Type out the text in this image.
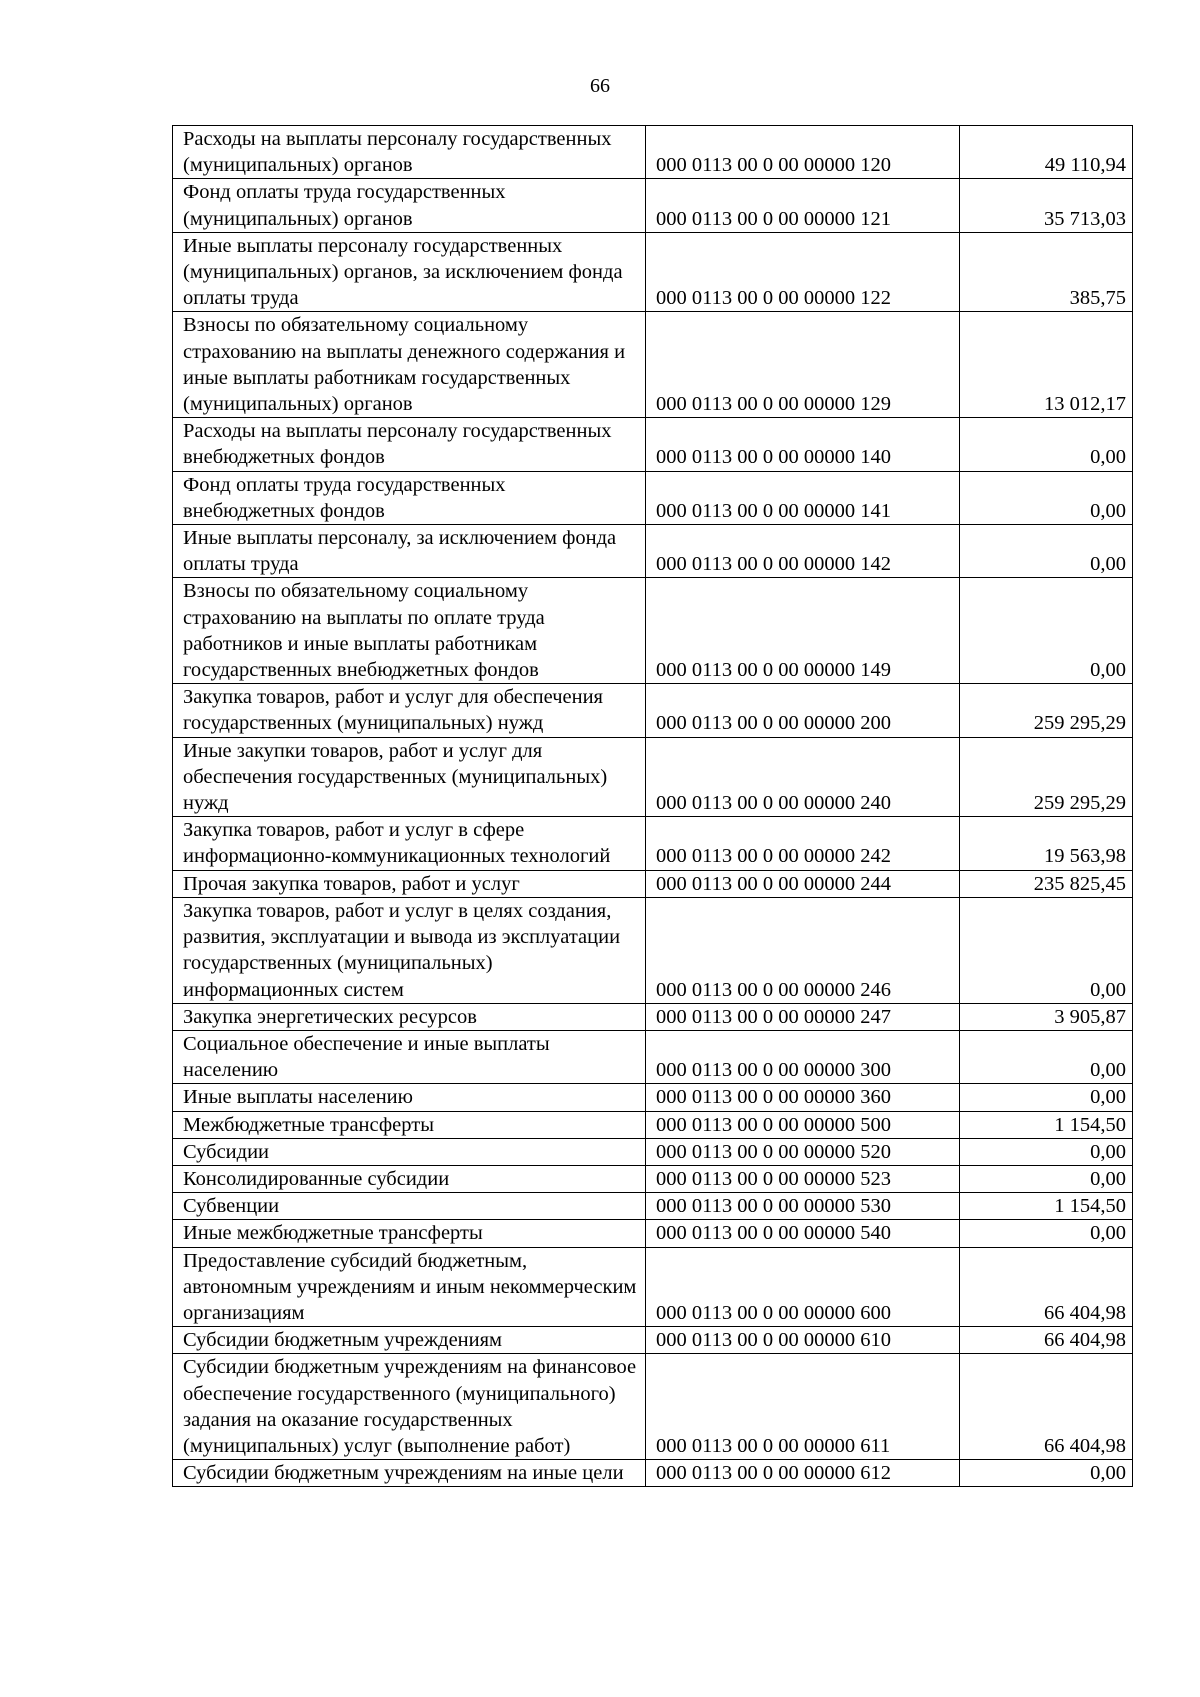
66
Расходы на выплаты персоналу государственных (муниципальных) органов	000 0113 00 0 00 00000 120	49 110,94
Фонд оплаты труда государственных (муниципальных) органов	000 0113 00 0 00 00000 121	35 713,03
Иные выплаты персоналу государственных (муниципальных) органов, за исключением фонда оплаты труда	000 0113 00 0 00 00000 122	385,75
Взносы по обязательному социальному страхованию на выплаты денежного содержания и иные выплаты работникам государственных (муниципальных) органов	000 0113 00 0 00 00000 129	13 012,17
Расходы на выплаты персоналу государственных внебюджетных фондов	000 0113 00 0 00 00000 140	0,00
Фонд оплаты труда государственных внебюджетных фондов	000 0113 00 0 00 00000 141	0,00
Иные выплаты персоналу, за исключением фонда оплаты труда	000 0113 00 0 00 00000 142	0,00
Взносы по обязательному социальному страхованию на выплаты по оплате труда работников и иные выплаты работникам государственных внебюджетных фондов	000 0113 00 0 00 00000 149	0,00
Закупка товаров, работ и услуг для обеспечения государственных (муниципальных) нужд	000 0113 00 0 00 00000 200	259 295,29
Иные закупки товаров, работ и услуг для обеспечения государственных (муниципальных) нужд	000 0113 00 0 00 00000 240	259 295,29
Закупка товаров, работ и услуг в сфере информационно-коммуникационных технологий	000 0113 00 0 00 00000 242	19 563,98
Прочая закупка товаров, работ и услуг	000 0113 00 0 00 00000 244	235 825,45
Закупка товаров, работ и услуг в целях создания, развития, эксплуатации и вывода из эксплуатации государственных (муниципальных) информационных систем	000 0113 00 0 00 00000 246	0,00
Закупка энергетических ресурсов	000 0113 00 0 00 00000 247	3 905,87
Социальное обеспечение и иные выплаты населению	000 0113 00 0 00 00000 300	0,00
Иные выплаты населению	000 0113 00 0 00 00000 360	0,00
Межбюджетные трансферты	000 0113 00 0 00 00000 500	1 154,50
Субсидии	000 0113 00 0 00 00000 520	0,00
Консолидированные субсидии	000 0113 00 0 00 00000 523	0,00
Субвенции	000 0113 00 0 00 00000 530	1 154,50
Иные межбюджетные трансферты	000 0113 00 0 00 00000 540	0,00
Предоставление субсидий бюджетным, автономным учреждениям и иным некоммерческим организациям	000 0113 00 0 00 00000 600	66 404,98
Субсидии бюджетным учреждениям	000 0113 00 0 00 00000 610	66 404,98
Субсидии бюджетным учреждениям на финансовое обеспечение государственного (муниципального) задания на оказание государственных (муниципальных) услуг (выполнение работ)	000 0113 00 0 00 00000 611	66 404,98
Субсидии бюджетным учреждениям на иные цели	000 0113 00 0 00 00000 612	0,00
